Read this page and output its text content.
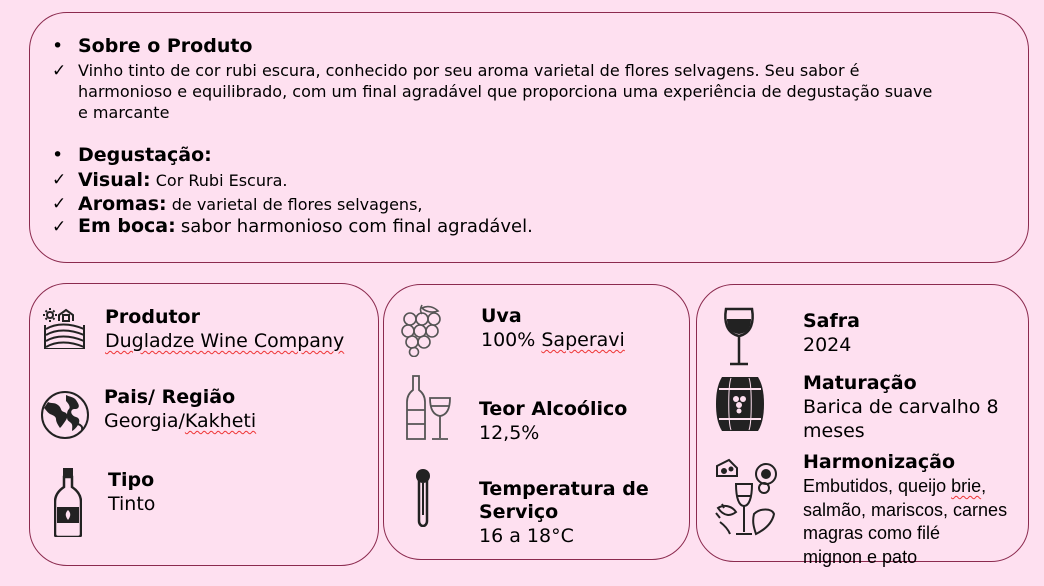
• Sobre o Produto
✓ Vinho tinto de cor rubi escura, conhecido por seu aroma varietal de flores selvagens. Seu sabor é
harmonioso e equilibrado, com um final agradável que proporciona uma experiência de degustação suave
e marcante
• Degustação:
✓ Visual: Cor Rubi Escura.
✓ Aromas: de varietal de flores selvagens,
✓ Em boca: sabor harmonioso com final agradável.
Produtor
Dugladze Wine Company
Pais/ Região
Georgia/Kakheti
Tipo
Tinto
Uva
100% Saperavi
Teor Alcoólico
12,5%
Temperatura de
Serviço
16 a 18°C
Safra
2024
Maturação
Barica de carvalho 8
meses
Harmonização
Embutidos, queijo brie,
salmão, mariscos, carnes
magras como filé
mignon e pato
